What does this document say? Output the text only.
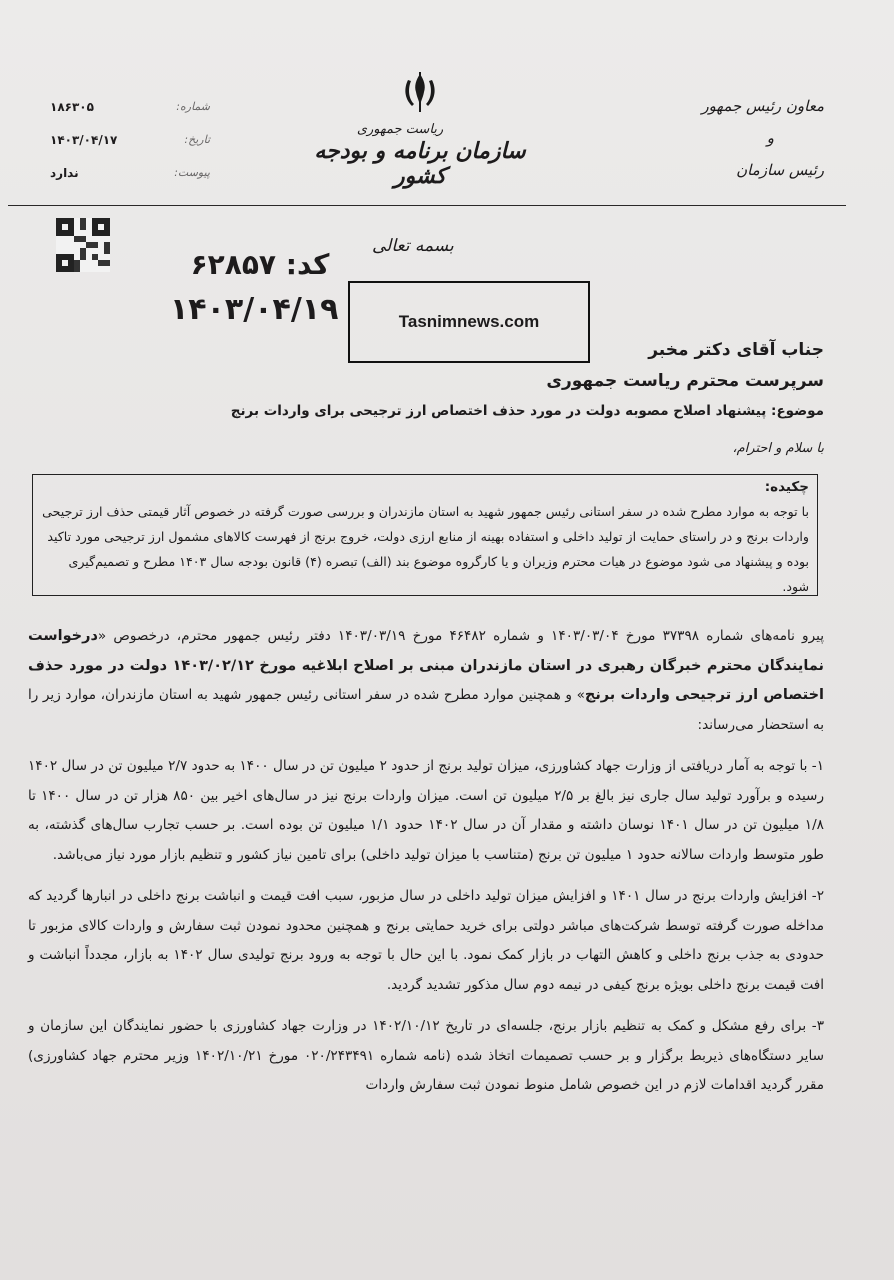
معاون رئیس جمهور
و
رئیس سازمان
ریاست جمهوری
سازمان برنامه و بودجه کشور
شماره:
۱۸۶۳۰۵
تاریخ:
۱۴۰۳/۰۴/۱۷
پیوست:
ندارد
کد: ۶۲۸۵۷
۱۴۰۳/۰۴/۱۹
بسمه تعالی
Tasnimnews.com
جناب آقای دکتر مخبر
سرپرست محترم ریاست جمهوری
موضوع: پیشنهاد اصلاح مصوبه دولت در مورد حذف اختصاص ارز ترجیحی برای واردات برنج
با سلام و احترام،
چکیده:

با توجه به موارد مطرح شده در سفر استانی رئیس جمهور شهید به استان مازندران و بررسی صورت گرفته در خصوص آثار قیمتی حذف ارز ترجیحی واردات برنج و در راستای حمایت از تولید داخلی و استفاده بهینه از منابع ارزی دولت، خروج برنج از فهرست کالاهای مشمول ارز ترجیحی مورد تاکید بوده و پیشنهاد می شود موضوع در هیات محترم وزیران و یا کارگروه موضوع بند (الف) تبصره (۴) قانون بودجه سال ۱۴۰۳ مطرح و تصمیم‌گیری شود.

پیرو نامه‌های شماره ۳۷۳۹۸ مورخ ۱۴۰۳/۰۳/۰۴ و شماره ۴۶۴۸۲ مورخ ۱۴۰۳/۰۳/۱۹ دفتر رئیس جمهور محترم، درخصوص «درخواست نمایندگان محترم خبرگان رهبری در استان مازندران مبنی بر اصلاح ابلاغیه مورخ ۱۴۰۳/۰۲/۱۲ دولت در مورد حذف اختصاص ارز ترجیحی واردات برنج» و همچنین موارد مطرح شده در سفر استانی رئیس جمهور شهید به استان مازندران، موارد زیر را به استحضار می‌رساند:

۱- با توجه به آمار دریافتی از وزارت جهاد کشاورزی، میزان تولید برنج از حدود ۲ میلیون تن در سال ۱۴۰۰ به حدود ۲/۷ میلیون تن در سال ۱۴۰۲ رسیده و برآورد تولید سال جاری نیز بالغ بر ۲/۵ میلیون تن است. میزان واردات برنج نیز در سال‌های اخیر بین ۸۵۰ هزار تن در سال ۱۴۰۰ تا ۱/۸ میلیون تن در سال ۱۴۰۱ نوسان داشته و مقدار آن در سال ۱۴۰۲ حدود ۱/۱ میلیون تن بوده است. بر حسب تجارب سال‌های گذشته، به طور متوسط واردات سالانه حدود ۱ میلیون تن برنج (متناسب با میزان تولید داخلی) برای تامین نیاز کشور و تنظیم بازار مورد نیاز می‌باشد.

۲- افزایش واردات برنج در سال ۱۴۰۱ و افزایش میزان تولید داخلی در سال مزبور، سبب افت قیمت و انباشت برنج داخلی در انبارها گردید که مداخله صورت گرفته توسط شرکت‌های مباشر دولتی برای خرید حمایتی برنج و همچنین محدود نمودن ثبت سفارش و واردات کالای مزبور تا حدودی به جذب برنج داخلی و کاهش التهاب در بازار کمک نمود. با این حال با توجه به ورود برنج تولیدی سال ۱۴۰۲ به بازار، مجدداً انباشت و افت قیمت برنج داخلی بویژه برنج کیفی در نیمه دوم سال مذکور تشدید گردید.

۳- برای رفع مشکل و کمک به تنظیم بازار برنج، جلسه‌ای در تاریخ ۱۴۰۲/۱۰/۱۲ در وزارت جهاد کشاورزی با حضور نمایندگان این سازمان و سایر دستگاه‌های ذیربط برگزار و بر حسب تصمیمات اتخاذ شده (نامه شماره ۰۲۰/۲۴۳۴۹۱ مورخ ۱۴۰۲/۱۰/۲۱ وزیر محترم جهاد کشاورزی) مقرر گردید اقدامات لازم در این خصوص شامل منوط نمودن ثبت سفارش واردات
